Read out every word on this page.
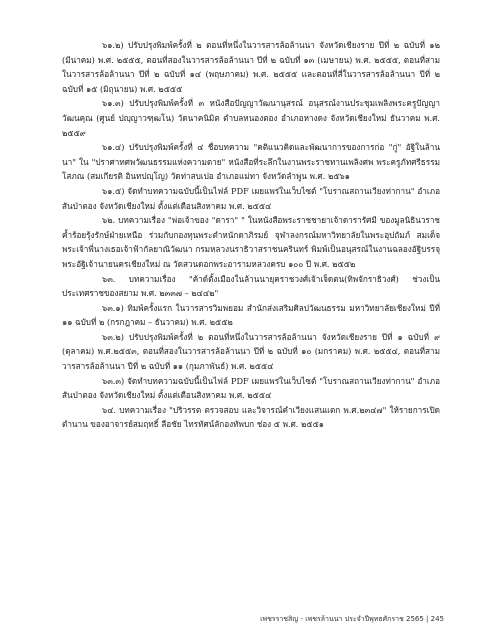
๖๑.๒) ปรับปรุงพิมพ์ครั้งที่ ๒ ตอนที่หนึ่งในวารสารล้อล้านนา จังหวัดเชียงราย ปีที่ ๒ ฉบับที่ ๑๒ (มีนาคม) พ.ศ. ๒๕๕๕, ตอนที่สองในวารสารล้อล้านนา ปีที่ ๒ ฉบับที่ ๑๓ (เมษายน) พ.ศ. ๒๕๕๕, ตอนที่สามในวารสารล้อล้านนา ปีที่ ๒ ฉบับที่ ๑๔ (พฤษภาคม) พ.ศ. ๒๕๕๕ และตอนที่สี่ในวารสารล้อล้านนา ปีที่ ๒ ฉบับที่ ๑๕ (มิถุนายน) พ.ศ. ๒๕๕๕

๖๑.๓) ปรับปรุงพิมพ์ครั้งที่ ๓ หนังสือปัญญาวัฒนานุสรณ์ อนุสรณ์งานประชุมเพลิงพระครูปัญญาวัฒนคุณ (ศูนย์ ปญฺญาวฑฺฒโน) วัดนาคนิมิต ตำบลหนองตอง อำเภอหางดง จังหวัดเชียงใหม่ ธันวาคม พ.ศ. ๒๕๕๙

๖๑.๔) ปรับปรุงพิมพ์ครั้งที่ ๔ ชื่อบทความ "คติแนวคิดและพัฒนาการของการก่อ "กู่" อัฐิในล้านนา" ใน "ปราศาทศพวัฒนธรรมแห่งความตาย" หนังสือที่ระลึกในงานพระราชทานเพลิงศพ พระครูภัทศรีธรรมโสภณ (สมเกียรติ อินทปญฺโญ) วัดท่าสบเปอ อำเภอแม่ทา จังหวัดลำพูน พ.ศ. ๒๕๖๑

๖๑.๕) จัดทำบทความฉบับนี้เป็นไฟล์ PDF เผยแพร่ในเว็บไซต์ "โบราณสถานเวียงท่ากาน" อำเภอสันป่าตอง จังหวัดเชียงใหม่ ตั้งแต่เดือนสิงหาคม พ.ศ. ๒๕๕๔

๖๒. บทความเรื่อง "พ่อเจ้าของ "ดารา" " ในหนังสือพระราชชายาเจ้าดารารัศมี ของมูลนิธินวราชค้ำร้อยรุ้งรักษ์ฝ่ายเหนือ ร่วมกับกองทุนพระตำหนักดาภิรมย์ จุฬาลงกรณ์มหาวิทยาลัยในพระอุปถัมภ์ สมเด็จพระเจ้าพี่นางเธอเจ้าฟ้ากัลยาณิวัฒนา กรมหลวงนราธิวาสราชนครินทร์ พิมพ์เป็นอนุสรณ์ในงานฉลองอัฐิบรรจุพระอัฐิเจ้านายนครเชียงใหม่ ณ วัดสวนดอกพระอารามหลวงครบ ๑๐๐ ปี พ.ศ. ๒๕๕๒

๖๓. บทความเรื่อง "ค้าด์ตั้งเมืองในล้านนายุคราชวงศ์เจ้าเจ็ดตน(ทิพจักราธิวงศ์) ช่วงเป็นประเทศราชของสยาม พ.ศ. ๒๓๓๗ – ๒๔๔๒"

๖๓.๑) ทิมพ์ครั้งแรก ในวารสารวิมพยอม สำนักส่งเสริมศิลปวัฒนธรรม มหาวิทยาลัยเชียงใหม่ ปีที่ ๑๑ ฉบับที่ ๒ (กรกฎาคม – ธันวาคม) พ.ศ. ๒๕๕๒

๖๓.๒) ปรับปรุงพิมพ์ครั้งที่ ๒ ตอนที่หนึ่งในวารสารล้อล้านนา จังหวัดเชียงราย ปีที่ ๑ ฉบับที่ ๙ (ตุลาคม) พ.ศ.๒๕๕๓, ตอนที่สองในวารสารล้อล้านนา ปีที่ ๒ ฉบับที่ ๑๐ (มกราคม) พ.ศ. ๒๕๕๔, ตอนที่สาม วารสารล้อล้านนา ปีที่ ๒ ฉบับที่ ๑๑ (กุมภาพันธ์) พ.ศ. ๒๕๕๔

๖๓.๓) จัดทำบทความฉบับนี้เป็นไฟล์ PDF เผยแพร่ในเว็บไซต์ "โบราณสถานเวียงท่ากาน" อำเภอสันป่าตอง จังหวัดเชียงใหม่ ตั้งแต่เดือนสิงหาคม พ.ศ. ๒๕๕๔

๖๔. บทความเรื่อง "ปริวรรต ตรวจสอบ และวิจารณ์คำเวียงแสนแตก พ.ศ.๒๓๔๗" ให้รายการเปิดตำนาน ของอาจารย์สมฤทธิ์ ลือชัย ไทรทัศน์ลักองทัพบก ช่อง ๕ พ.ศ. ๒๕๕๑

เพชรราชสิญ - เพชรล้านนา ประจำปีพุทธศักราช 2565 | 245
